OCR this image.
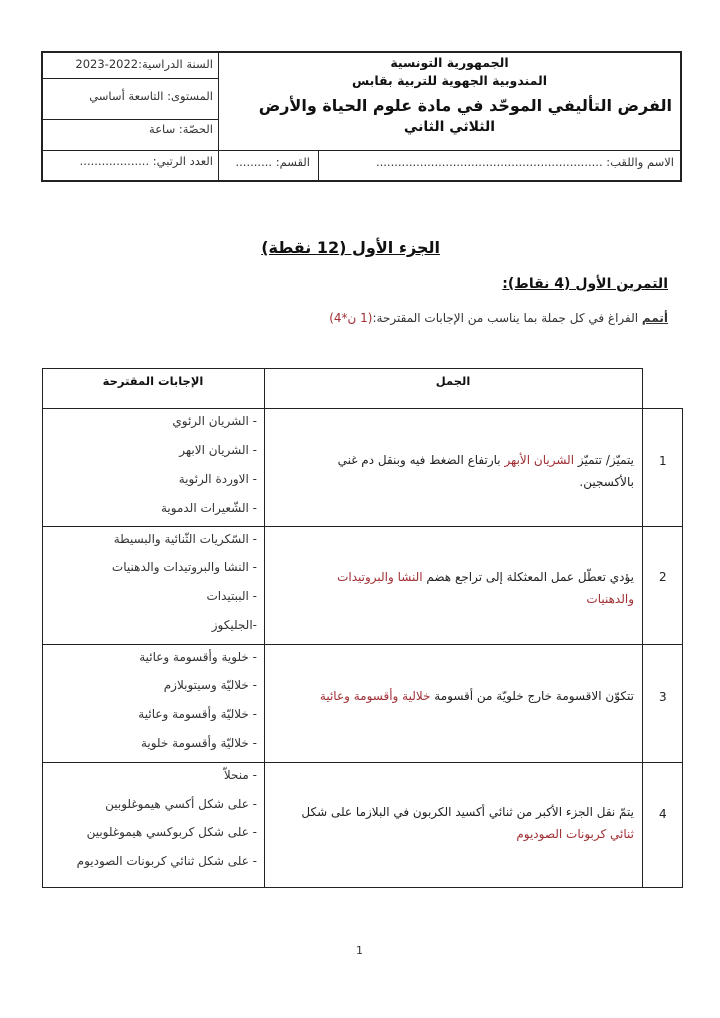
السنة الدراسية:2022-2023
المستوى: التاسعة أساسي
الحصّة: ساعة
العدد الرتبي: ...................
الجمهورية التونسية
المندوبية الجهوية للتربية بقابس
الفرض التأليفي الموحّد في مادة علوم الحياة والأرض
الثلاثي الثاني
الاسم واللقب: ..............................................................
القسم: ..........
الجزء الأول (12 نقطة)
التمرين الأول (4 نقاط):
أتمم الفراغ في كل جملة بما يناسب من الإجابات المقترحة:(1 ن*4)
الجمل
الإجابات المقترحة
1
يتميّز/ تتميّز الشريان الأبهر بارتفاع الضغط فيه وبنقل دم غني
بالأكسجين.
- الشريان الرئوي
- الشريان الابهر
- الاوردة الرئوية
- الشّعيرات الدموية
2
يؤدي تعطّل عمل المعثكلة إلى تراجع هضم النشا والبروتيدات
والدهنيات
- السّكريات الثّنائية والبسيطة
- النشا والبروتيدات والدهنيات
- الببتيدات
-الجليكوز
3
تتكوّن الاقسومة خارج خلويّة من أقسومة خلالية وأقسومة وعائية
- خلوية وأقسومة وعائية
- خلاليّة وسيتوبلازم
- خلاليّة وأقسومة وعائية
- خلاليّة وأقسومة خلوية
4
يتمّ نقل الجزء الأكبر من ثنائي أكسيد الكربون في البلازما على شكل
ثنائي كربونات الصوديوم
- منحلاّ
- على شكل أكسي هيموغلوبين
- على شكل كربوكسي هيموغلوبين
- على شكل ثنائي كربونات الصوديوم
1
